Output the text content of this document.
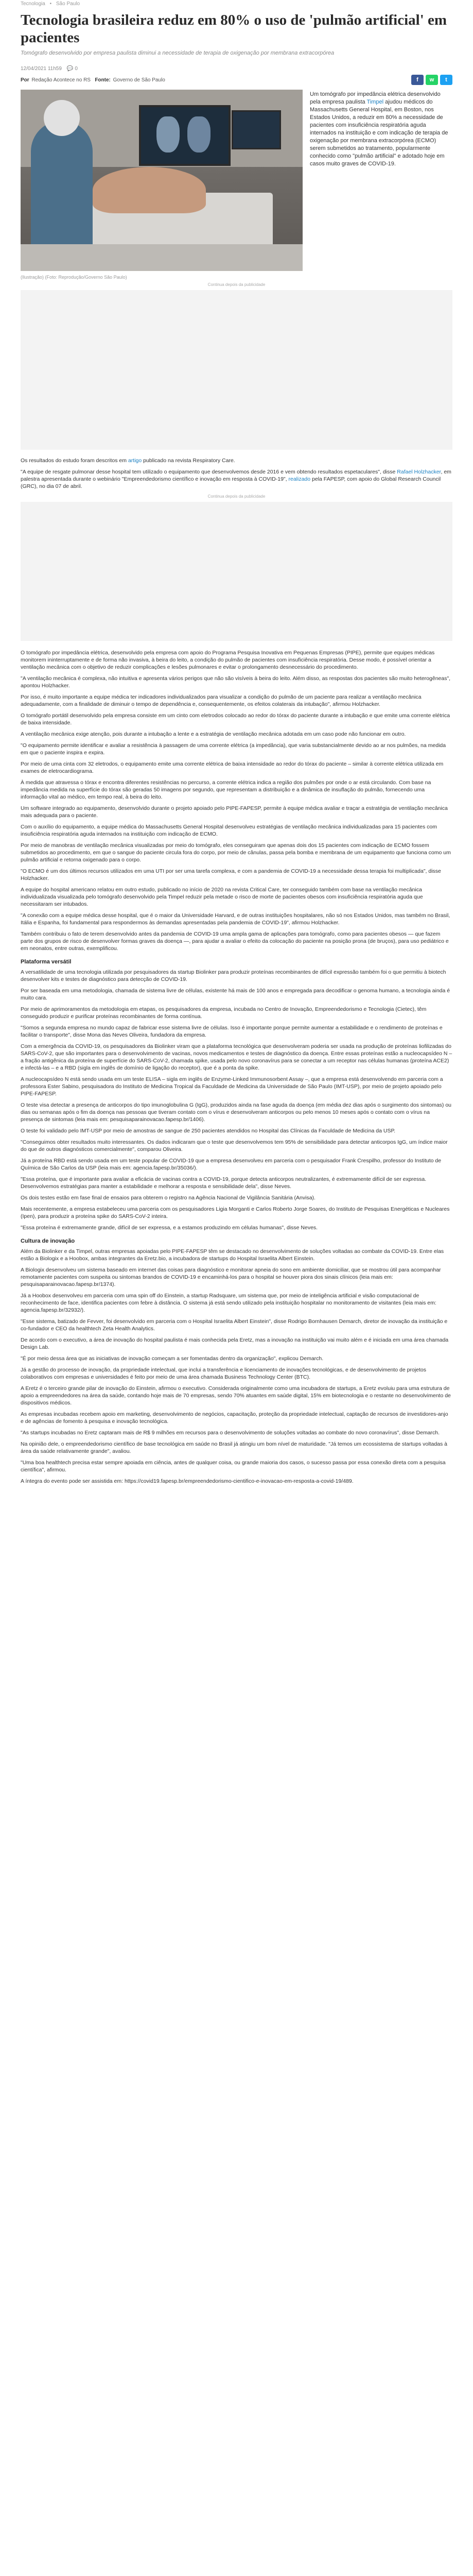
Tecnologia • São Paulo
Tecnologia brasileira reduz em 80% o uso de 'pulmão artificial' em pacientes

Tomógrafo desenvolvido por empresa paulista diminui a necessidade de terapia de oxigenação por membrana extracorpórea

12/04/2021 11h59 💬 0
Por Redação Acontece no RS Fonte: Governo de São Paulo	f w t
(Ilustração) (Foto: Reprodução/Governo São Paulo)
Um tomógrafo por impedância elétrica desenvolvido pela empresa paulista Timpel ajudou médicos do Massachusetts General Hospital, em Boston, nos Estados Unidos, a reduzir em 80% a necessidade de pacientes com insuficiência respiratória aguda internados na instituição e com indicação de terapia de oxigenação por membrana extracorpórea (ECMO) serem submetidos ao tratamento, popularmente conhecido como "pulmão artificial" e adotado hoje em casos muito graves de COVID-19.
Continua depois da publicidade

Os resultados do estudo foram descritos em artigo publicado na revista Respiratory Care.

"A equipe de resgate pulmonar desse hospital tem utilizado o equipamento que desenvolvemos desde 2016 e vem obtendo resultados espetaculares", disse Rafael Holzhacker, em palestra apresentada durante o webinário "Empreendedorismo científico e inovação em resposta à COVID-19", realizado pela FAPESP, com apoio do Global Research Council (GRC), no dia 07 de abril.

Continua depois da publicidade

O tomógrafo por impedância elétrica, desenvolvido pela empresa com apoio do Programa Pesquisa Inovativa em Pequenas Empresas (PIPE), permite que equipes médicas monitorem ininterruptamente e de forma não invasiva, à beira do leito, a condição do pulmão de pacientes com insuficiência respiratória. Desse modo, é possível orientar a ventilação mecânica com o objetivo de reduzir complicações e lesões pulmonares e evitar o prolongamento desnecessário do procedimento.

"A ventilação mecânica é complexa, não intuitiva e apresenta vários perigos que não são visíveis à beira do leito. Além disso, as respostas dos pacientes são muito heterogêneas", apontou Holzhacker.

Por isso, é muito importante a equipe médica ter indicadores individualizados para visualizar a condição do pulmão de um paciente para realizar a ventilação mecânica adequadamente, com a finalidade de diminuir o tempo de dependência e, consequentemente, os efeitos colaterais da intubação", afirmou Holzhacker.

O tomógrafo portátil desenvolvido pela empresa consiste em um cinto com eletrodos colocado ao redor do tórax do paciente durante a intubação e que emite uma corrente elétrica de baixa intensidade.

A ventilação mecânica exige atenção, pois durante a intubação a lente e a estratégia de ventilação mecânica adotada em um caso pode não funcionar em outro.

"O equipamento permite identificar e avaliar a resistência à passagem de uma corrente elétrica (a impedância), que varia substancialmente devido ao ar nos pulmões, na medida em que o paciente inspira e expira.

Por meio de uma cinta com 32 eletrodos, o equipamento emite uma corrente elétrica de baixa intensidade ao redor do tórax do paciente – similar à corrente elétrica utilizada em exames de eletrocardiograma.

À medida que atravessa o tórax e encontra diferentes resistências no percurso, a corrente elétrica indica a região dos pulmões por onde o ar está circulando. Com base na impedância medida na superfície do tórax são geradas 50 imagens por segundo, que representam a distribuição e a dinâmica de insuflação do pulmão, fornecendo uma informação vital ao médico, em tempo real, à beira do leito.

Um software integrado ao equipamento, desenvolvido durante o projeto apoiado pelo PIPE-FAPESP, permite à equipe médica avaliar e traçar a estratégia de ventilação mecânica mais adequada para o paciente.

Com o auxílio do equipamento, a equipe médica do Massachusetts General Hospital desenvolveu estratégias de ventilação mecânica individualizadas para 15 pacientes com insuficiência respiratória aguda internados na instituição com indicação de ECMO.

Por meio de manobras de ventilação mecânica visualizadas por meio do tomógrafo, eles conseguiram que apenas dois dos 15 pacientes com indicação de ECMO fossem submetidos ao procedimento, em que o sangue do paciente circula fora do corpo, por meio de cânulas, passa pela bomba e membrana de um equipamento que funciona como um pulmão artificial e retorna oxigenado para o corpo.

"O ECMO é um dos últimos recursos utilizados em uma UTI por ser uma tarefa complexa, e com a pandemia de COVID-19 a necessidade dessa terapia foi multiplicada", disse Holzhacker.

A equipe do hospital americano relatou em outro estudo, publicado no início de 2020 na revista Critical Care, ter conseguido também com base na ventilação mecânica individualizada visualizada pelo tomógrafo desenvolvido pela Timpel reduzir pela metade o risco de morte de pacientes obesos com insuficiência respiratória aguda que necessitaram ser intubados.

"A conexão com a equipe médica desse hospital, que é o maior da Universidade Harvard, e de outras instituições hospitalares, não só nos Estados Unidos, mas também no Brasil, Itália e Espanha, foi fundamental para respondermos às demandas apresentadas pela pandemia de COVID-19", afirmou Holzhacker.

Também contribuiu o fato de terem desenvolvido antes da pandemia de COVID-19 uma ampla gama de aplicações para tomógrafo, como para pacientes obesos — que fazem parte dos grupos de risco de desenvolver formas graves da doença —, para ajudar a avaliar o efeito da colocação do paciente na posição prona (de bruços), para uso pediátrico e em neonatos, entre outras, exemplificou.

Plataforma versátil

A versatilidade de uma tecnologia utilizada por pesquisadores da startup Biolinker para produzir proteínas recombinantes de difícil expressão também foi o que permitiu à biotech desenvolver kits e testes de diagnóstico para detecção de COVID-19.

Por ser baseada em uma metodologia, chamada de sistema livre de células, existente há mais de 100 anos e empregada para decodificar o genoma humano, a tecnologia ainda é muito cara.

Por meio de aprimoramentos da metodologia em etapas, os pesquisadores da empresa, incubada no Centro de Inovação, Empreendedorismo e Tecnologia (Cietec), têm conseguido produzir e purificar proteínas recombinantes de forma contínua.

"Somos a segunda empresa no mundo capaz de fabricar esse sistema livre de células. Isso é importante porque permite aumentar a estabilidade e o rendimento de proteínas e facilitar o transporte", disse Mona das Neves Oliveira, fundadora da empresa.

Com a emergência da COVID-19, os pesquisadores da Biolinker viram que a plataforma tecnológica que desenvolveram poderia ser usada na produção de proteínas liofilizadas do SARS-CoV-2, que são importantes para o desenvolvimento de vacinas, novos medicamentos e testes de diagnóstico da doença. Entre essas proteínas estão a nucleocapsídeo N – a fração antigênica da proteína de superfície do SARS-CoV-2, chamada spike, usada pelo novo coronavírus para se conectar a um receptor nas células humanas (proteína ACE2) e infectá-las – e a RBD (sigla em inglês de domínio de ligação do receptor), que é a ponta da spike.

A nucleocapsídeo N está sendo usada em um teste ELISA – sigla em inglês de Enzyme-Linked Immunosorbent Assay –, que a empresa está desenvolvendo em parceria com a professora Ester Sabino, pesquisadora do Instituto de Medicina Tropical da Faculdade de Medicina da Universidade de São Paulo (IMT-USP), por meio de projeto apoiado pelo PIPE-FAPESP.

O teste visa detectar a presença de anticorpos do tipo imunoglobulina G (IgG), produzidos ainda na fase aguda da doença (em média dez dias após o surgimento dos sintomas) ou dias ou semanas após o fim da doença nas pessoas que tiveram contato com o vírus e desenvolveram anticorpos ou pelo menos 10 meses após o contato com o vírus na presença de sintomas (leia mais em: pesquisaparainovacao.fapesp.br/1406).

O teste foi validado pelo IMT-USP por meio de amostras de sangue de 250 pacientes atendidos no Hospital das Clínicas da Faculdade de Medicina da USP.

"Conseguimos obter resultados muito interessantes. Os dados indicaram que o teste que desenvolvemos tem 95% de sensibilidade para detectar anticorpos IgG, um índice maior do que de outros diagnósticos comercialmente", comparou Oliveira.

Já a proteína RBD está sendo usada em um teste popular de COVID-19 que a empresa desenvolveu em parceria com o pesquisador Frank Crespilho, professor do Instituto de Química de São Carlos da USP (leia mais em: agencia.fapesp.br/35036/).

"Essa proteína, que é importante para avaliar a eficácia de vacinas contra a COVID-19, porque detecta anticorpos neutralizantes, é extremamente difícil de ser expressa. Desenvolvemos estratégias para manter a estabilidade e melhorar a resposta e sensibilidade dela", disse Neves.

Os dois testes estão em fase final de ensaios para obterem o registro na Agência Nacional de Vigilância Sanitária (Anvisa).

Mais recentemente, a empresa estabeleceu uma parceria com os pesquisadores Ligia Morganti e Carlos Roberto Jorge Soares, do Instituto de Pesquisas Energéticas e Nucleares (Ipen), para produzir a proteína spike do SARS-CoV-2 inteira.

"Essa proteína é extremamente grande, difícil de ser expressa, e a estamos produzindo em células humanas", disse Neves.

Cultura de inovação

Além da Biolinker e da Timpel, outras empresas apoiadas pelo PIPE-FAPESP têm se destacado no desenvolvimento de soluções voltadas ao combate da COVID-19. Entre elas estão a Biologix e a Hoobox, ambas integrantes da Eretz.bio, a incubadora de startups do Hospital Israelita Albert Einstein.

A Biologix desenvolveu um sistema baseado em internet das coisas para diagnóstico e monitorar apneia do sono em ambiente domiciliar, que se mostrou útil para acompanhar remotamente pacientes com suspeita ou sintomas brandos de COVID-19 e encaminhá-los para o hospital se houver piora dos sinais clínicos (leia mais em: pesquisaparainovacao.fapesp.br/1374).

Já a Hoobox desenvolveu em parceria com uma spin off do Einstein, a startup Radsquare, um sistema que, por meio de inteligência artificial e visão computacional de reconhecimento de face, identifica pacientes com febre à distância. O sistema já está sendo utilizado pela instituição hospitalar no monitoramento de visitantes (leia mais em: agencia.fapesp.br/32932/).

"Esse sistema, batizado de Fevver, foi desenvolvido em parceria com o Hospital Israelita Albert Einstein", disse Rodrigo Bornhausen Demarch, diretor de inovação da instituição e co-fundador e CEO da healthtech Zeta Health Analytics.

De acordo com o executivo, a área de inovação do hospital paulista é mais conhecida pela Eretz, mas a inovação na instituição vai muito além e é iniciada em uma área chamada Design Lab.

"É por meio dessa área que as iniciativas de inovação começam a ser fomentadas dentro da organização", explicou Demarch.

Já a gestão do processo de inovação, da propriedade intelectual, que inclui a transferência e licenciamento de inovações tecnológicas, e de desenvolvimento de projetos colaborativos com empresas e universidades é feito por meio de uma área chamada Business Technology Center (BTC).

A Eretz é o terceiro grande pilar de inovação do Einstein, afirmou o executivo. Considerada originalmente como uma incubadora de startups, a Eretz evoluiu para uma estrutura de apoio a empreendedores na área da saúde, contando hoje mais de 70 empresas, sendo 70% atuantes em saúde digital, 15% em biotecnologia e o restante no desenvolvimento de dispositivos médicos.

As empresas incubadas recebem apoio em marketing, desenvolvimento de negócios, capacitação, proteção da propriedade intelectual, captação de recursos de investidores-anjo e de agências de fomento à pesquisa e inovação tecnológica.

"As startups incubadas no Eretz captaram mais de R$ 9 milhões em recursos para o desenvolvimento de soluções voltadas ao combate do novo coronavírus", disse Demarch.

Na opinião dele, o empreendedorismo científico de base tecnológica em saúde no Brasil já atingiu um bom nível de maturidade. "Já temos um ecossistema de startups voltadas à área da saúde relativamente grande", avaliou.

"Uma boa healthtech precisa estar sempre apoiada em ciência, antes de qualquer coisa, ou grande maioria dos casos, o sucesso passa por essa conexão direta com a pesquisa científica", afirmou.

A íntegra do evento pode ser assistida em: https://covid19.fapesp.br/empreendedorismo-cientifico-e-inovacao-em-resposta-a-covid-19/489.
